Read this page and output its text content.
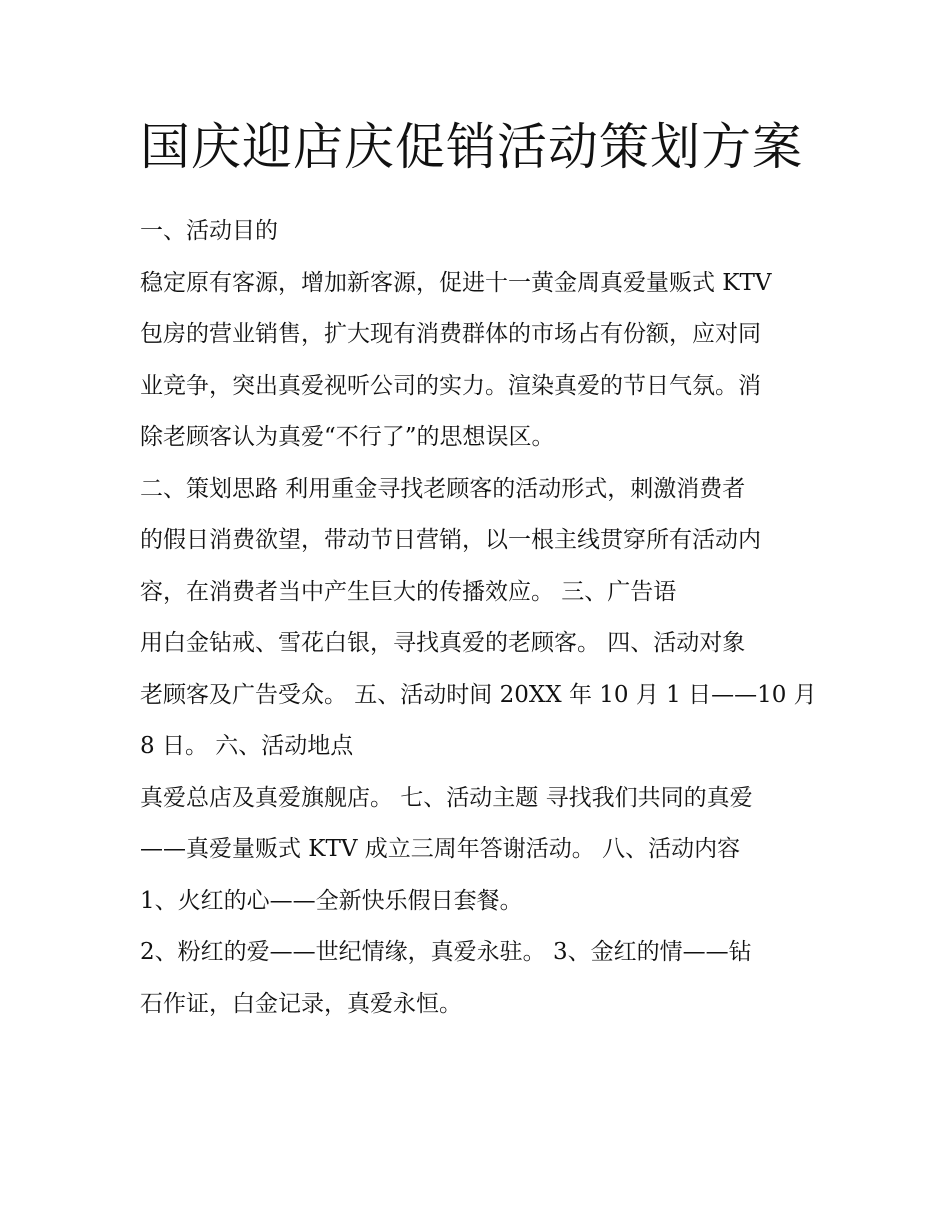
国庆迎店庆促销活动策划方案

一、活动目的

稳定原有客源，增加新客源，促进十一黄金周真爱量贩式 KTV

包房的营业销售，扩大现有消费群体的市场占有份额，应对同

业竞争，突出真爱视听公司的实力。渲染真爱的节日气氛。消

除老顾客认为真爱“不行了”的思想误区。

二、策划思路 利用重金寻找老顾客的活动形式，刺激消费者

的假日消费欲望，带动节日营销，以一根主线贯穿所有活动内

容，在消费者当中产生巨大的传播效应。 三、广告语

用白金钻戒、雪花白银，寻找真爱的老顾客。 四、活动对象

老顾客及广告受众。 五、活动时间 20XX 年 10 月 1 日——10 月

8 日。 六、活动地点

真爱总店及真爱旗舰店。 七、活动主题 寻找我们共同的真爱

——真爱量贩式 KTV 成立三周年答谢活动。 八、活动内容

1、火红的心——全新快乐假日套餐。

2、粉红的爱——世纪情缘，真爱永驻。 3、金红的情——钻

石作证，白金记录，真爱永恒。
